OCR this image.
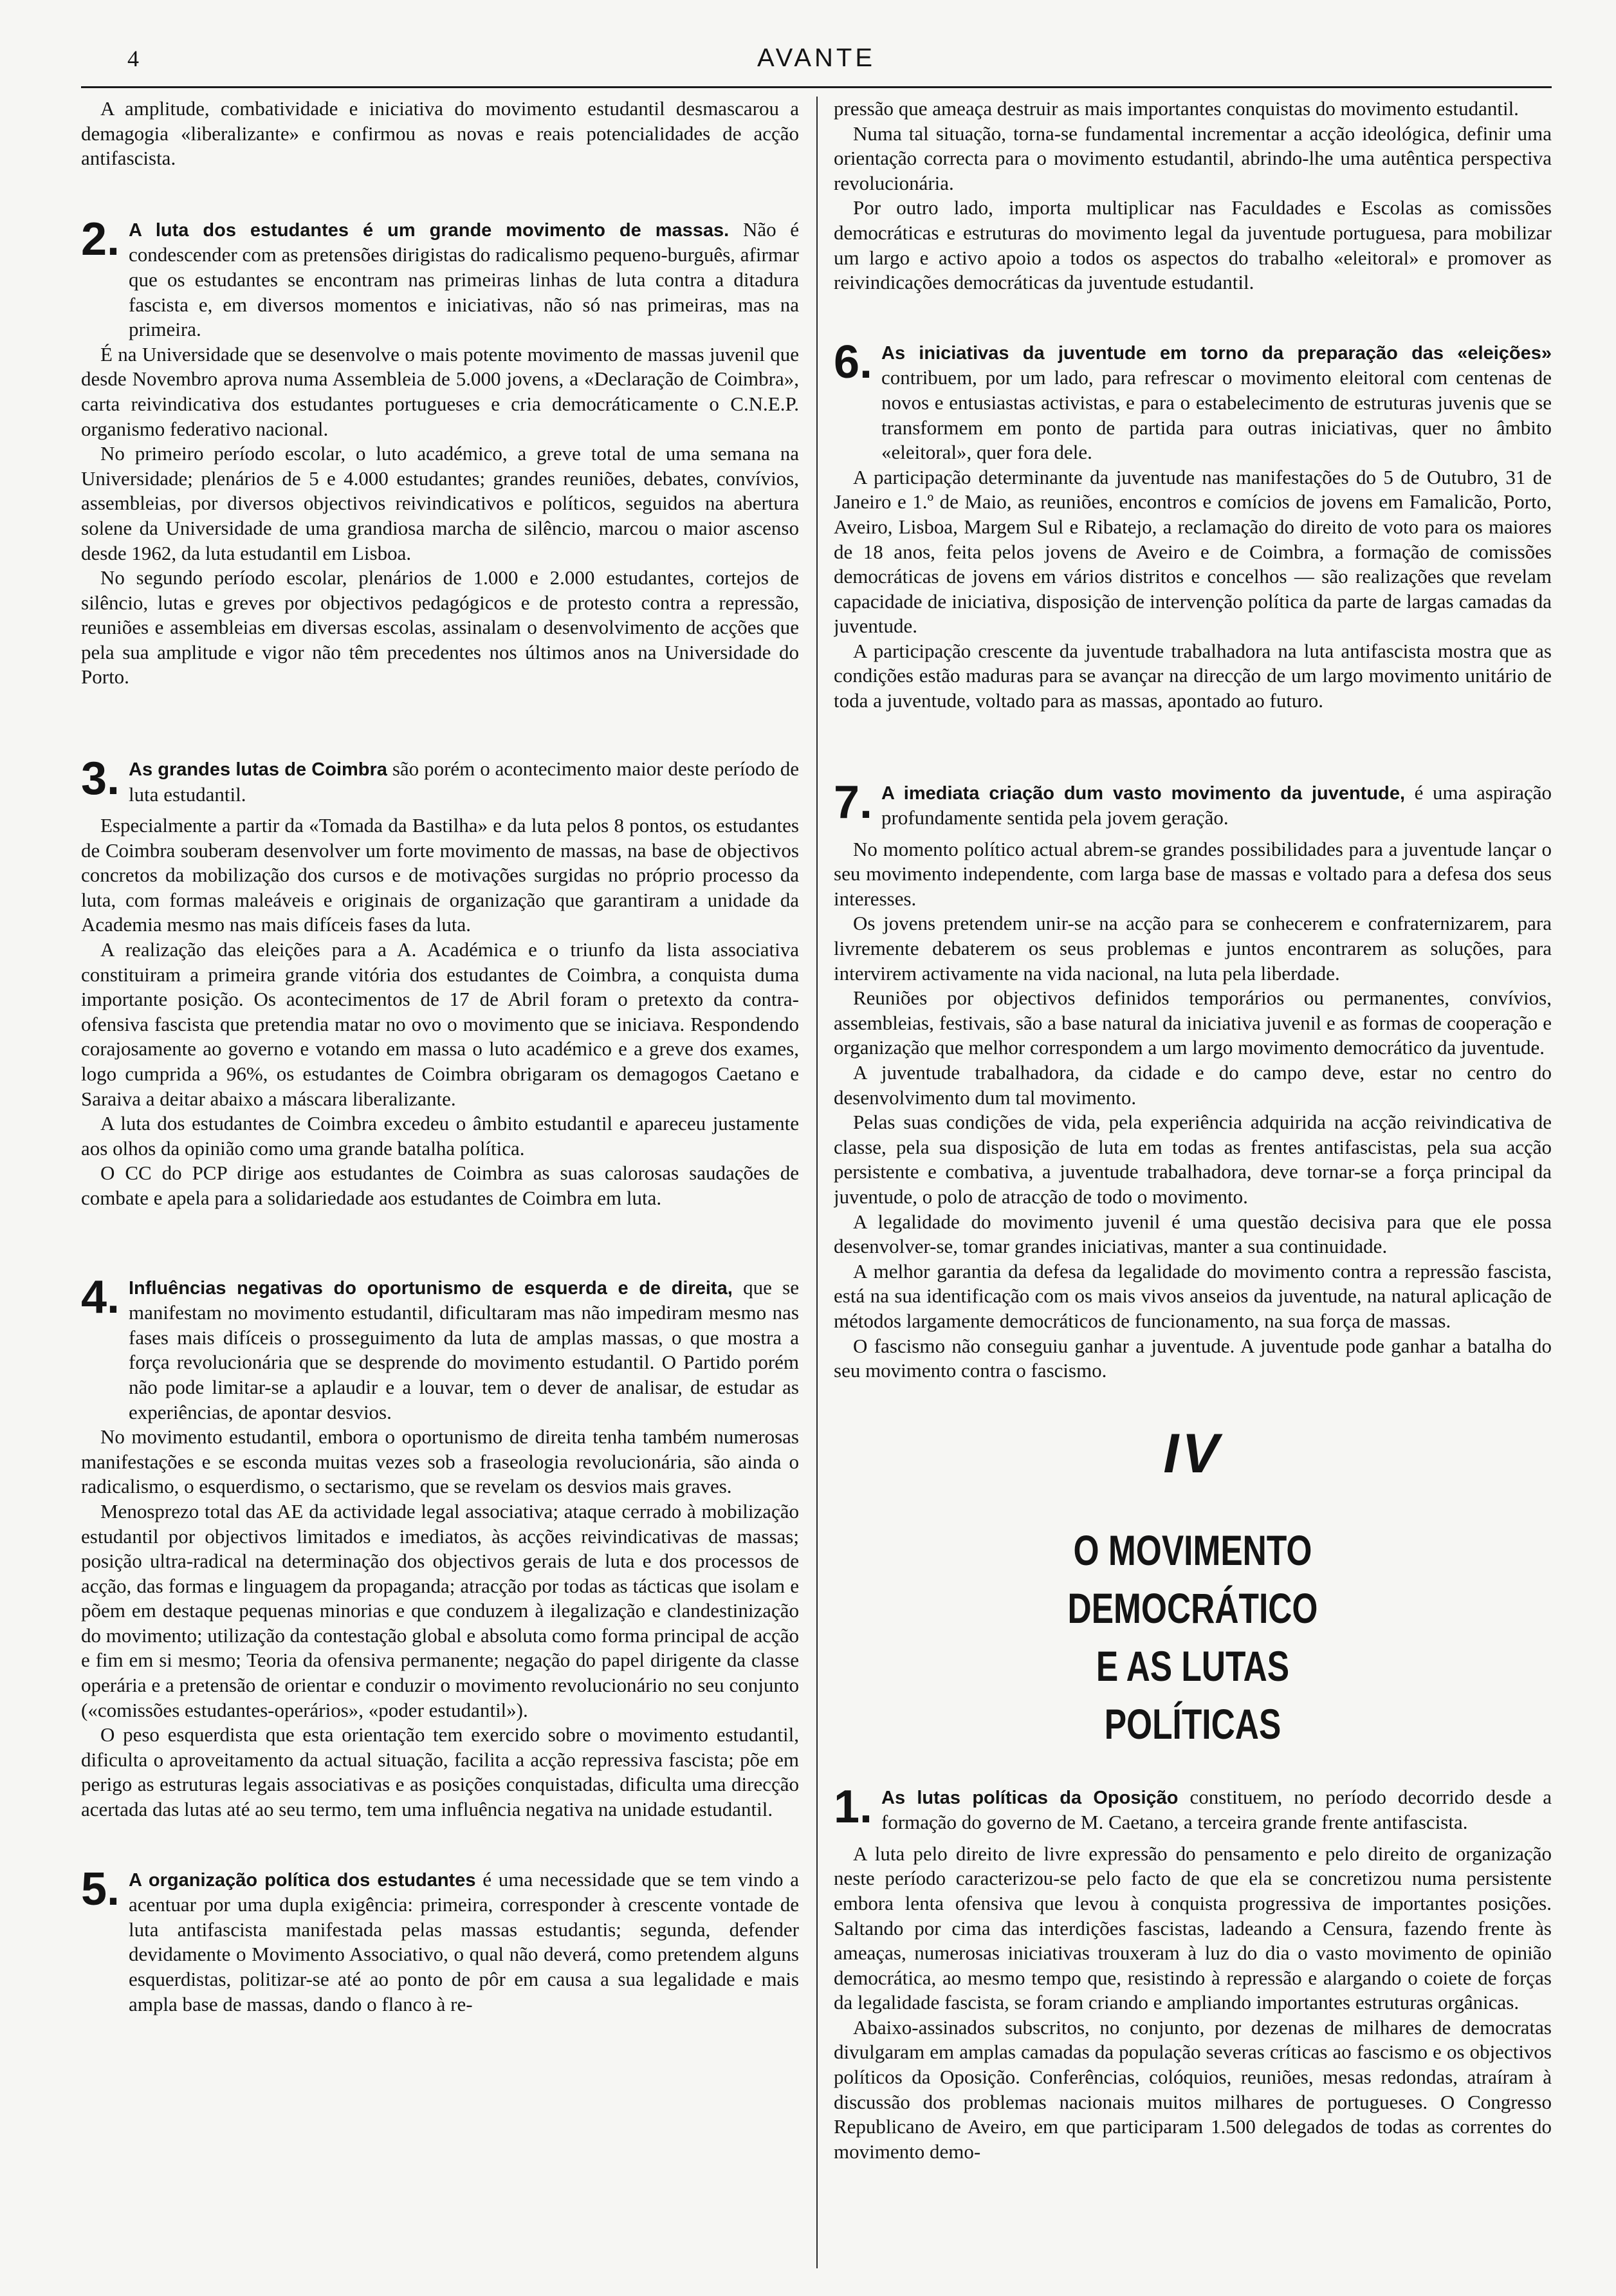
4	AVANTE

A amplitude, combatividade e iniciativa do movimento estudantil desmascarou a demagogia «liberalizante» e confirmou as novas e reais potencialidades de acção antifascista.

2. A luta dos estudantes é um grande movimento de massas. Não é condescender com as pretensões dirigistas do radicalismo pequeno-burguês, afirmar que os estudantes se encontram nas primeiras linhas de luta contra a ditadura fascista e, em diversos momentos e iniciativas, não só nas primeiras, mas na primeira.

É na Universidade que se desenvolve o mais potente movimento de massas juvenil que desde Novembro aprova numa Assembleia de 5.000 jovens, a «Declaração de Coimbra», carta reivindicativa dos estudantes portugueses e cria democráticamente o C.N.E.P. organismo federativo nacional.

No primeiro período escolar, o luto académico, a greve total de uma semana na Universidade; plenários de 5 e 4.000 estudantes; grandes reuniões, debates, convívios, assembleias, por diversos objectivos reivindicativos e políticos, seguidos na abertura solene da Universidade de uma grandiosa marcha de silêncio, marcou o maior ascenso desde 1962, da luta estudantil em Lisboa.

No segundo período escolar, plenários de 1.000 e 2.000 estudantes, cortejos de silêncio, lutas e greves por objectivos pedagógicos e de protesto contra a repressão, reuniões e assembleias em diversas escolas, assinalam o desenvolvimento de acções que pela sua amplitude e vigor não têm precedentes nos últimos anos na Universidade do Porto.

3. As grandes lutas de Coimbra são porém o acontecimento maior deste período de luta estudantil.

Especialmente a partir da «Tomada da Bastilha» e da luta pelos 8 pontos, os estudantes de Coimbra souberam desenvolver um forte movimento de massas, na base de objectivos concretos da mobilização dos cursos e de motivações surgidas no próprio processo da luta, com formas maleáveis e originais de organização que garantiram a unidade da Academia mesmo nas mais difíceis fases da luta.

A realização das eleições para a A. Académica e o triunfo da lista associativa constituiram a primeira grande vitória dos estudantes de Coimbra, a conquista duma importante posição. Os acontecimentos de 17 de Abril foram o pretexto da contra-ofensiva fascista que pretendia matar no ovo o movimento que se iniciava. Respondendo corajosamente ao governo e votando em massa o luto académico e a greve dos exames, logo cumprida a 96%, os estudantes de Coimbra obrigaram os demagogos Caetano e Saraiva a deitar abaixo a máscara liberalizante.

A luta dos estudantes de Coimbra excedeu o âmbito estudantil e apareceu justamente aos olhos da opinião como uma grande batalha política.

O CC do PCP dirige aos estudantes de Coimbra as suas calorosas saudações de combate e apela para a solidariedade aos estudantes de Coimbra em luta.

4. Influências negativas do oportunismo de esquerda e de direita, que se manifestam no movimento estudantil, dificultaram mas não impediram mesmo nas fases mais difíceis o prosseguimento da luta de amplas massas, o que mostra a força revolucionária que se desprende do movimento estudantil. O Partido porém não pode limitar-se a aplaudir e a louvar, tem o dever de analisar, de estudar as experiências, de apontar desvios.

No movimento estudantil, embora o oportunismo de direita tenha também numerosas manifestações e se esconda muitas vezes sob a fraseologia revolucionária, são ainda o radicalismo, o esquerdismo, o sectarismo, que se revelam os desvios mais graves.

Menosprezo total das AE da actividade legal associativa; ataque cerrado à mobilização estudantil por objectivos limitados e imediatos, às acções reivindicativas de massas; posição ultra-radical na determinação dos objectivos gerais de luta e dos processos de acção, das formas e linguagem da propaganda; atracção por todas as tácticas que isolam e põem em destaque pequenas minorias e que conduzem à ilegalização e clandestinização do movimento; utilização da contestação global e absoluta como forma principal de acção e fim em si mesmo; Teoria da ofensiva permanente; negação do papel dirigente da classe operária e a pretensão de orientar e conduzir o movimento revolucionário no seu conjunto («comissões estudantes-operários», «poder estudantil»).

O peso esquerdista que esta orientação tem exercido sobre o movimento estudantil, dificulta o aproveitamento da actual situação, facilita a acção repressiva fascista; põe em perigo as estruturas legais associativas e as posições conquistadas, dificulta uma direcção acertada das lutas até ao seu termo, tem uma influência negativa na unidade estudantil.

5. A organização política dos estudantes é uma necessidade que se tem vindo a acentuar por uma dupla exigência: primeira, corresponder à crescente vontade de luta antifascista manifestada pelas massas estudantis; segunda, defender devidamente o Movimento Associativo, o qual não deverá, como pretendem alguns esquerdistas, politizar-se até ao ponto de pôr em causa a sua legalidade e mais ampla base de massas, dando o flanco à re-

pressão que ameaça destruir as mais importantes conquistas do movimento estudantil.

Numa tal situação, torna-se fundamental incrementar a acção ideológica, definir uma orientação correcta para o movimento estudantil, abrindo-lhe uma autêntica perspectiva revolucionária.

Por outro lado, importa multiplicar nas Faculdades e Escolas as comissões democráticas e estruturas do movimento legal da juventude portuguesa, para mobilizar um largo e activo apoio a todos os aspectos do trabalho «eleitoral» e promover as reivindicações democráticas da juventude estudantil.

6. As iniciativas da juventude em torno da preparação das «eleições» contribuem, por um lado, para refrescar o movimento eleitoral com centenas de novos e entusiastas activistas, e para o estabelecimento de estruturas juvenis que se transformem em ponto de partida para outras iniciativas, quer no âmbito «eleitoral», quer fora dele.

A participação determinante da juventude nas manifestações do 5 de Outubro, 31 de Janeiro e 1.º de Maio, as reuniões, encontros e comícios de jovens em Famalicão, Porto, Aveiro, Lisboa, Margem Sul e Ribatejo, a reclamação do direito de voto para os maiores de 18 anos, feita pelos jovens de Aveiro e de Coimbra, a formação de comissões democráticas de jovens em vários distritos e concelhos — são realizações que revelam capacidade de iniciativa, disposição de intervenção política da parte de largas camadas da juventude.

A participação crescente da juventude trabalhadora na luta antifascista mostra que as condições estão maduras para se avançar na direcção de um largo movimento unitário de toda a juventude, voltado para as massas, apontado ao futuro.

7. A imediata criação dum vasto movimento da juventude, é uma aspiração profundamente sentida pela jovem geração.

No momento político actual abrem-se grandes possibilidades para a juventude lançar o seu movimento independente, com larga base de massas e voltado para a defesa dos seus interesses.

Os jovens pretendem unir-se na acção para se conhecerem e confraternizarem, para livremente debaterem os seus problemas e juntos encontrarem as soluções, para intervirem activamente na vida nacional, na luta pela liberdade.

Reuniões por objectivos definidos temporários ou permanentes, convívios, assembleias, festivais, são a base natural da iniciativa juvenil e as formas de cooperação e organização que melhor correspondem a um largo movimento democrático da juventude.

A juventude trabalhadora, da cidade e do campo deve, estar no centro do desenvolvimento dum tal movimento.

Pelas suas condições de vida, pela experiência adquirida na acção reivindicativa de classe, pela sua disposição de luta em todas as frentes antifascistas, pela sua acção persistente e combativa, a juventude trabalhadora, deve tornar-se a força principal da juventude, o polo de atracção de todo o movimento.

A legalidade do movimento juvenil é uma questão decisiva para que ele possa desenvolver-se, tomar grandes iniciativas, manter a sua continuidade.

A melhor garantia da defesa da legalidade do movimento contra a repressão fascista, está na sua identificação com os mais vivos anseios da juventude, na natural aplicação de métodos largamente democráticos de funcionamento, na sua força de massas.

O fascismo não conseguiu ganhar a juventude. A juventude pode ganhar a batalha do seu movimento contra o fascismo.

IV
O MOVIMENTO DEMOCRÁTICO
E AS LUTAS POLÍTICAS
1. As lutas políticas da Oposição constituem, no período decorrido desde a formação do governo de M. Caetano, a terceira grande frente antifascista.

A luta pelo direito de livre expressão do pensamento e pelo direito de organização neste período caracterizou-se pelo facto de que ela se concretizou numa persistente embora lenta ofensiva que levou à conquista progressiva de importantes posições. Saltando por cima das interdições fascistas, ladeando a Censura, fazendo frente às ameaças, numerosas iniciativas trouxeram à luz do dia o vasto movimento de opinião democrática, ao mesmo tempo que, resistindo à repressão e alargando o coiete de forças da legalidade fascista, se foram criando e ampliando importantes estruturas orgânicas.

Abaixo-assinados subscritos, no conjunto, por dezenas de milhares de democratas divulgaram em amplas camadas da população severas críticas ao fascismo e os objectivos políticos da Oposição. Conferências, colóquios, reuniões, mesas redondas, atraíram à discussão dos problemas nacionais muitos milhares de portugueses. O Congresso Republicano de Aveiro, em que participaram 1.500 delegados de todas as correntes do movimento demo-
